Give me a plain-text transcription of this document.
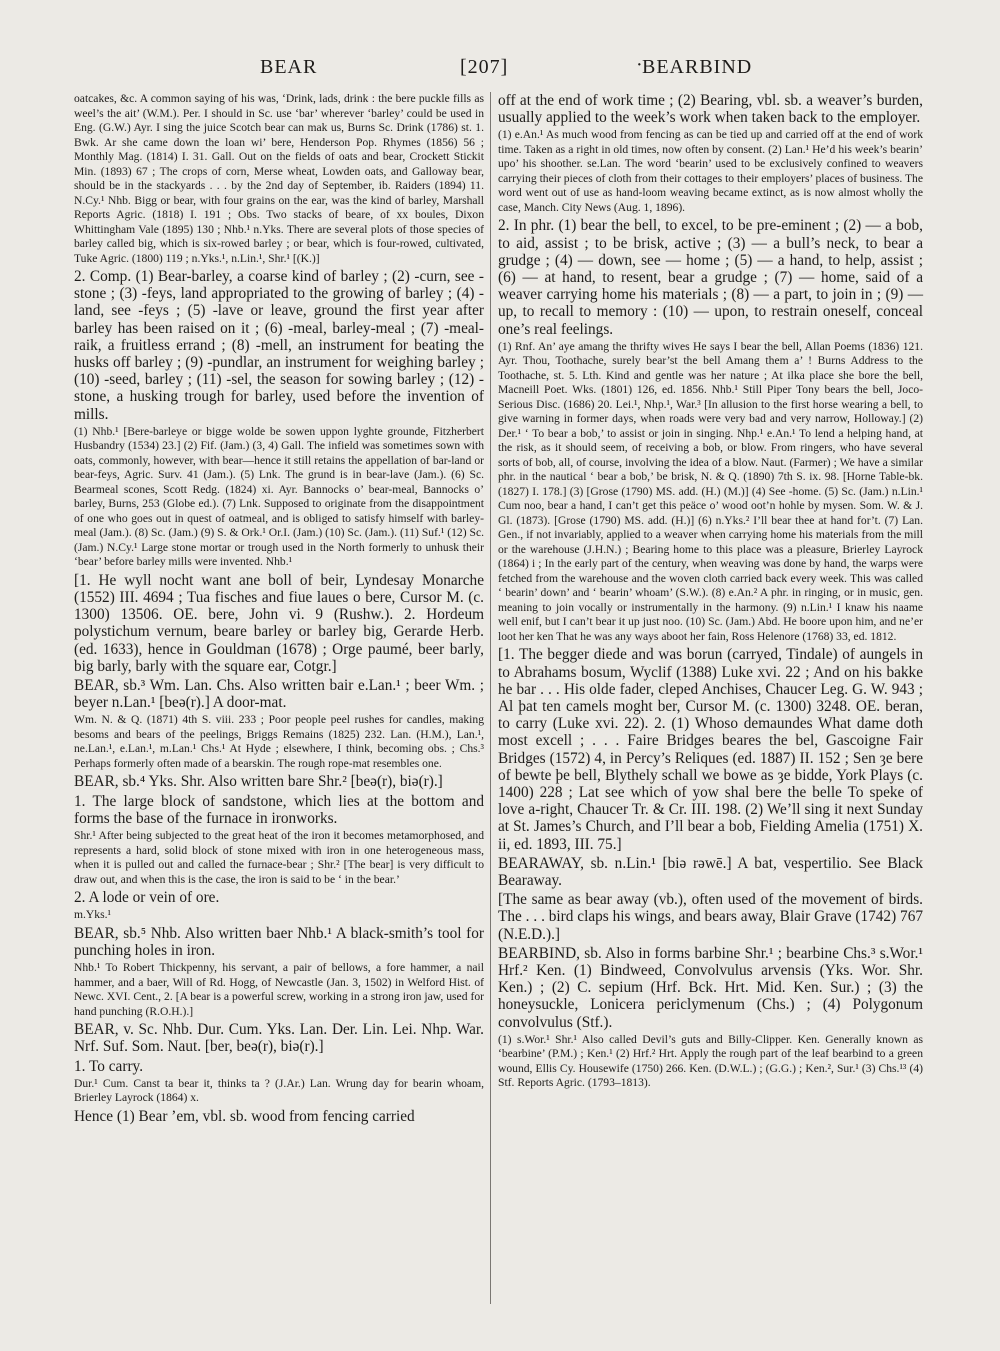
BEAR	[207]	·
BEARBIND

oatcakes, &c. A common saying of his was, ‘Drink, lads, drink : the bere puckle fills as weel’s the ait’ (W.M.). Per. I should in Sc. use ‘bar’ wherever ‘barley’ could be used in Eng. (G.W.) Ayr. I sing the juice Scotch bear can mak us, Burns Sc. Drink (1786) st. 1. Bwk. Ar she came down the loan wi’ bere, Henderson Pop. Rhymes (1856) 56 ; Monthly Mag. (1814) I. 31. Gall. Out on the fields of oats and bear, Crockett Stickit Min. (1893) 67 ; The crops of corn, Merse wheat, Lowden oats, and Galloway bear, should be in the stackyards . . . by the 2nd day of September, ib. Raiders (1894) 11. N.Cy.¹ Nhb. Bigg or bear, with four grains on the ear, was the kind of barley, Marshall Reports Agric. (1818) I. 191 ; Obs. Two stacks of beare, of xx boules, Dixon Whittingham Vale (1895) 130 ; Nhb.¹ n.Yks. There are several plots of those species of barley called big, which is six-rowed barley ; or bear, which is four-rowed, cultivated, Tuke Agric. (1800) 119 ; n.Yks.¹, n.Lin.¹, Shr.¹ [(K.)]

2. Comp. (1) Bear-barley, a coarse kind of barley ; (2) -curn, see -stone ; (3) -feys, land appropriated to the growing of barley ; (4) -land, see -feys ; (5) -lave or leave, ground the first year after barley has been raised on it ; (6) -meal, barley-meal ; (7) -meal-raik, a fruitless errand ; (8) -mell, an instrument for beating the husks off barley ; (9) -pundlar, an instrument for weighing barley ; (10) -seed, barley ; (11) -sel, the season for sowing barley ; (12) -stone, a husking trough for barley, used before the invention of mills.

(1) Nhb.¹ [Bere-barleye or bigge wolde be sowen uppon lyghte grounde, Fitzherbert Husbandry (1534) 23.] (2) Fif. (Jam.) (3, 4) Gall. The infield was sometimes sown with oats, commonly, however, with bear—hence it still retains the appellation of bar-land or bear-feys, Agric. Surv. 41 (Jam.). (5) Lnk. The grund is in bear-lave (Jam.). (6) Sc. Bearmeal scones, Scott Redg. (1824) xi. Ayr. Bannocks o’ bear-meal, Bannocks o’ barley, Burns, 253 (Globe ed.). (7) Lnk. Supposed to originate from the disappointment of one who goes out in quest of oatmeal, and is obliged to satisfy himself with barley-meal (Jam.). (8) Sc. (Jam.) (9) S. & Ork.¹ Or.I. (Jam.) (10) Sc. (Jam.). (11) Suf.¹ (12) Sc. (Jam.) N.Cy.¹ Large stone mortar or trough used in the North formerly to unhusk their ‘bear’ before barley mills were invented. Nhb.¹

[1. He wyll nocht want ane boll of beir, Lyndesay Monarche (1552) III. 4694 ; Tua fisches and fiue laues o bere, Cursor M. (c. 1300) 13506. OE. bere, John vi. 9 (Rushw.). 2. Hordeum polystichum vernum, beare barley or barley big, Gerarde Herb. (ed. 1633), hence in Gouldman (1678) ; Orge paumé, beer barly, big barly, barly with the square ear, Cotgr.]

BEAR, sb.³ Wm. Lan. Chs. Also written bair e.Lan.¹ ; beer Wm. ; beyer n.Lan.¹ [beə(r).] A door-mat.

Wm. N. & Q. (1871) 4th S. viii. 233 ; Poor people peel rushes for candles, making besoms and bears of the peelings, Briggs Remains (1825) 232. Lan. (H.M.), Lan.¹, ne.Lan.¹, e.Lan.¹, m.Lan.¹ Chs.¹ At Hyde ; elsewhere, I think, becoming obs. ; Chs.³ Perhaps formerly often made of a bearskin. The rough rope-mat resembles one.

BEAR, sb.⁴ Yks. Shr. Also written bare Shr.² [beə(r), biə(r).]

1. The large block of sandstone, which lies at the bottom and forms the base of the furnace in ironworks.

Shr.¹ After being subjected to the great heat of the iron it becomes metamorphosed, and represents a hard, solid block of stone mixed with iron in one heterogeneous mass, when it is pulled out and called the furnace-bear ; Shr.² [The bear] is very difficult to draw out, and when this is the case, the iron is said to be ‘ in the bear.’

2. A lode or vein of ore.

m.Yks.¹

BEAR, sb.⁵ Nhb. Also written baer Nhb.¹ A black-smith’s tool for punching holes in iron.

Nhb.¹ To Robert Thickpenny, his servant, a pair of bellows, a fore hammer, a nail hammer, and a baer, Will of Rd. Hogg, of Newcastle (Jan. 3, 1502) in Welford Hist. of Newc. XVI. Cent., 2. [A bear is a powerful screw, working in a strong iron jaw, used for hand punching (R.O.H.).]

BEAR, v. Sc. Nhb. Dur. Cum. Yks. Lan. Der. Lin. Lei. Nhp. War. Nrf. Suf. Som. Naut. [ber, beə(r), biə(r).]

1. To carry.

Dur.¹ Cum. Canst ta bear it, thinks ta ? (J.Ar.) Lan. Wrung day for bearin whoam, Brierley Layrock (1864) x.

Hence (1) Bear ’em, vbl. sb. wood from fencing carried

off at the end of work time ; (2) Bearing, vbl. sb. a weaver’s burden, usually applied to the week’s work when taken back to the employer.

(1) e.An.¹ As much wood from fencing as can be tied up and carried off at the end of work time. Taken as a right in old times, now often by consent. (2) Lan.¹ He’d his week’s bearin’ upo’ his shoother. se.Lan. The word ‘bearin’ used to be exclusively confined to weavers carrying their pieces of cloth from their cottages to their employers’ places of business. The word went out of use as hand-loom weaving became extinct, as is now almost wholly the case, Manch. City News (Aug. 1, 1896).

2. In phr. (1) bear the bell, to excel, to be pre-eminent ; (2) — a bob, to aid, assist ; to be brisk, active ; (3) — a bull’s neck, to bear a grudge ; (4) — down, see — home ; (5) — a hand, to help, assist ; (6) — at hand, to resent, bear a grudge ; (7) — home, said of a weaver carrying home his materials ; (8) — a part, to join in ; (9) — up, to recall to memory : (10) — upon, to restrain oneself, conceal one’s real feelings.

(1) Rnf. An’ aye amang the thrifty wives He says I bear the bell, Allan Poems (1836) 121. Ayr. Thou, Toothache, surely bear’st the bell Amang them a’ ! Burns Address to the Toothache, st. 5. Lth. Kind and gentle was her nature ; At ilka place she bore the bell, Macneill Poet. Wks. (1801) 126, ed. 1856. Nhb.¹ Still Piper Tony bears the bell, Joco-Serious Disc. (1686) 20. Lei.¹, Nhp.¹, War.³ [In allusion to the first horse wearing a bell, to give warning in former days, when roads were very bad and very narrow, Holloway.] (2) Der.¹ ‘ To bear a bob,’ to assist or join in singing. Nhp.¹ e.An.¹ To lend a helping hand, at the risk, as it should seem, of receiving a bob, or blow. From ringers, who have several sorts of bob, all, of course, involving the idea of a blow. Naut. (Farmer) ; We have a similar phr. in the nautical ‘ bear a bob,’ be brisk, N. & Q. (1890) 7th S. ix. 98. [Horne Table-bk. (1827) I. 178.] (3) [Grose (1790) MS. add. (H.) (M.)] (4) See -home. (5) Sc. (Jam.) n.Lin.¹ Cum noo, bear a hand, I can’t get this peäce o’ wood oot’n hohle by mysen. Som. W. & J. Gl. (1873). [Grose (1790) MS. add. (H.)] (6) n.Yks.² I’ll bear thee at hand for’t. (7) Lan. Gen., if not invariably, applied to a weaver when carrying home his materials from the mill or the warehouse (J.H.N.) ; Bearing home to this place was a pleasure, Brierley Layrock (1864) i ; In the early part of the century, when weaving was done by hand, the warps were fetched from the warehouse and the woven cloth carried back every week. This was called ‘ bearin’ down’ and ‘ bearin’ whoam’ (S.W.). (8) e.An.² A phr. in ringing, or in music, gen. meaning to join vocally or instrumentally in the harmony. (9) n.Lin.¹ I knaw his naame well enif, but I can’t bear it up just noo. (10) Sc. (Jam.) Abd. He boore upon him, and ne’er loot her ken That he was any ways aboot her fain, Ross Helenore (1768) 33, ed. 1812.

[1. The begger diede and was borun (carryed, Tindale) of aungels in to Abrahams bosum, Wyclif (1388) Luke xvi. 22 ; And on his bakke he bar . . . His olde fader, cleped Anchises, Chaucer Leg. G. W. 943 ; Al þat ten camels moght ber, Cursor M. (c. 1300) 3248. OE. beran, to carry (Luke xvi. 22). 2. (1) Whoso demaundes What dame doth most excell ; . . . Faire Bridges beares the bel, Gascoigne Fair Bridges (1572) 4, in Percy’s Reliques (ed. 1887) II. 152 ; Sen ȝe bere of bewte þe bell, Blythely schall we bowe as ȝe bidde, York Plays (c. 1400) 228 ; Lat see which of yow shal bere the belle To speke of love a-right, Chaucer Tr. & Cr. III. 198. (2) We’ll sing it next Sunday at St. James’s Church, and I’ll bear a bob, Fielding Amelia (1751) X. ii, ed. 1893, III. 75.]

BEARAWAY, sb. n.Lin.¹ [biə rəwē.] A bat, vespertilio. See Black Bearaway.

[The same as bear away (vb.), often used of the movement of birds. The . . . bird claps his wings, and bears away, Blair Grave (1742) 767 (N.E.D.).]

BEARBIND, sb. Also in forms barbine Shr.¹ ; bearbine Chs.³ s.Wor.¹ Hrf.² Ken. (1) Bindweed, Convolvulus arvensis (Yks. Wor. Shr. Ken.) ; (2) C. sepium (Hrf. Bck. Hrt. Mid. Ken. Sur.) ; (3) the honeysuckle, Lonicera periclymenum (Chs.) ; (4) Polygonum convolvulus (Stf.).

(1) s.Wor.¹ Shr.¹ Also called Devil’s guts and Billy-Clipper. Ken. Generally known as ‘bearbine’ (P.M.) ; Ken.¹ (2) Hrf.² Hrt. Apply the rough part of the leaf bearbind to a green wound, Ellis Cy. Housewife (1750) 266. Ken. (D.W.L.) ; (G.G.) ; Ken.², Sur.¹ (3) Chs.¹³ (4) Stf. Reports Agric. (1793–1813).
